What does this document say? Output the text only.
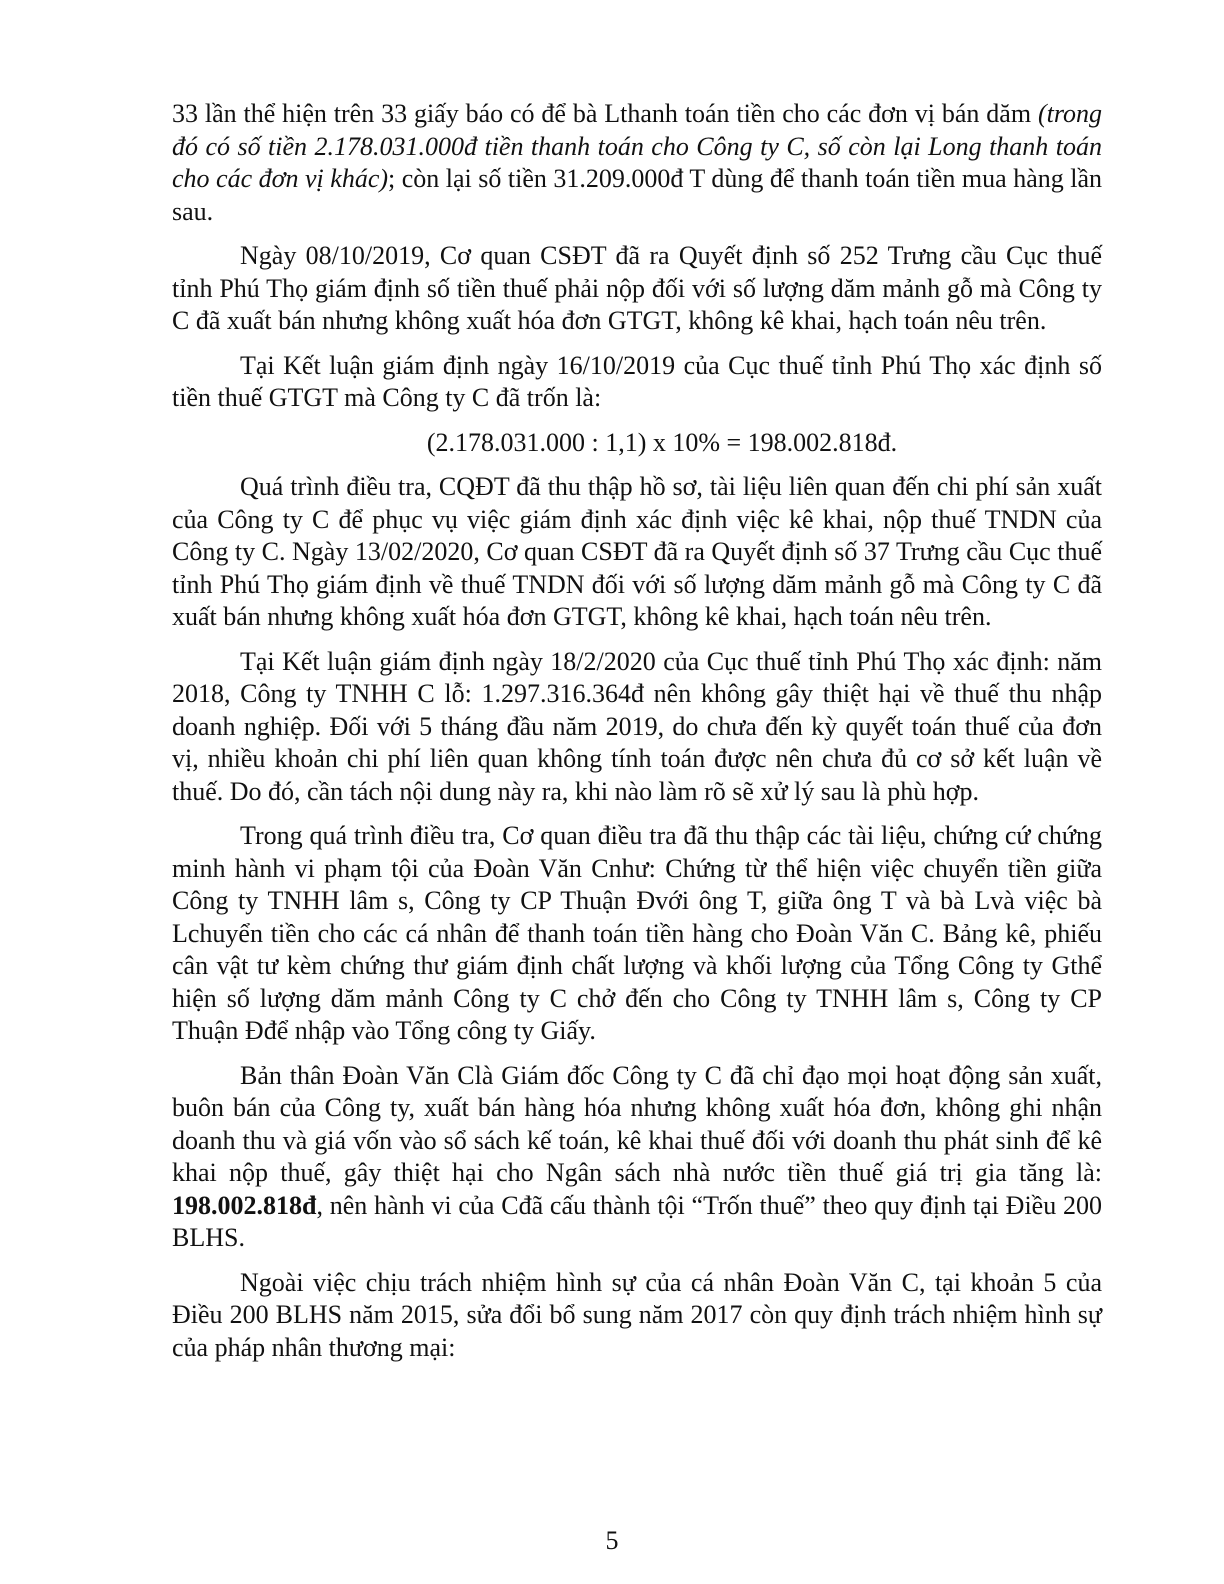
33 lần thể hiện trên 33 giấy báo có để bà Lthanh toán tiền cho các đơn vị bán dăm (trong đó có số tiền 2.178.031.000đ tiền thanh toán cho Công ty C, số còn lại Long thanh toán cho các đơn vị khác); còn lại số tiền 31.209.000đ T dùng để thanh toán tiền mua hàng lần sau.

Ngày 08/10/2019, Cơ quan CSĐT đã ra Quyết định số 252 Trưng cầu Cục thuế tỉnh Phú Thọ giám định số tiền thuế phải nộp đối với số lượng dăm mảnh gỗ mà Công ty C đã xuất bán nhưng không xuất hóa đơn GTGT, không kê khai, hạch toán nêu trên.

Tại Kết luận giám định ngày 16/10/2019 của Cục thuế tỉnh Phú Thọ xác định số tiền thuế GTGT mà Công ty C đã trốn là:

(2.178.031.000 : 1,1) x 10% = 198.002.818đ.

Quá trình điều tra, CQĐT đã thu thập hồ sơ, tài liệu liên quan đến chi phí sản xuất của Công ty C để phục vụ việc giám định xác định việc kê khai, nộp thuế TNDN của Công ty C. Ngày 13/02/2020, Cơ quan CSĐT đã ra Quyết định số 37 Trưng cầu Cục thuế tỉnh Phú Thọ giám định về thuế TNDN đối với số lượng dăm mảnh gỗ mà Công ty C đã xuất bán nhưng không xuất hóa đơn GTGT, không kê khai, hạch toán nêu trên.

Tại Kết luận giám định ngày 18/2/2020 của Cục thuế tỉnh Phú Thọ xác định: năm 2018, Công ty TNHH C lỗ: 1.297.316.364đ nên không gây thiệt hại về thuế thu nhập doanh nghiệp. Đối với 5 tháng đầu năm 2019, do chưa đến kỳ quyết toán thuế của đơn vị, nhiều khoản chi phí liên quan không tính toán được nên chưa đủ cơ sở kết luận về thuế. Do đó, cần tách nội dung này ra, khi nào làm rõ sẽ xử lý sau là phù hợp.

Trong quá trình điều tra, Cơ quan điều tra đã thu thập các tài liệu, chứng cứ chứng minh hành vi phạm tội của Đoàn Văn Cnhư: Chứng từ thể hiện việc chuyển tiền giữa Công ty TNHH lâm s, Công ty CP Thuận Đvới ông T, giữa ông T và bà Lvà việc bà Lchuyển tiền cho các cá nhân để thanh toán tiền hàng cho Đoàn Văn C. Bảng kê, phiếu cân vật tư kèm chứng thư giám định chất lượng và khối lượng của Tổng Công ty Gthể hiện số lượng dăm mảnh Công ty C chở đến cho Công ty TNHH lâm s, Công ty CP Thuận Đđể nhập vào Tổng công ty Giấy.

Bản thân Đoàn Văn Clà Giám đốc Công ty C đã chỉ đạo mọi hoạt động sản xuất, buôn bán của Công ty, xuất bán hàng hóa nhưng không xuất hóa đơn, không ghi nhận doanh thu và giá vốn vào sổ sách kế toán, kê khai thuế đối với doanh thu phát sinh để kê khai nộp thuế, gây thiệt hại cho Ngân sách nhà nước tiền thuế giá trị gia tăng là: 198.002.818đ, nên hành vi của Cđã cấu thành tội “Trốn thuế” theo quy định tại Điều 200 BLHS.

Ngoài việc chịu trách nhiệm hình sự của cá nhân Đoàn Văn C, tại khoản 5 của Điều 200 BLHS năm 2015, sửa đổi bổ sung năm 2017 còn quy định trách nhiệm hình sự của pháp nhân thương mại:

5
